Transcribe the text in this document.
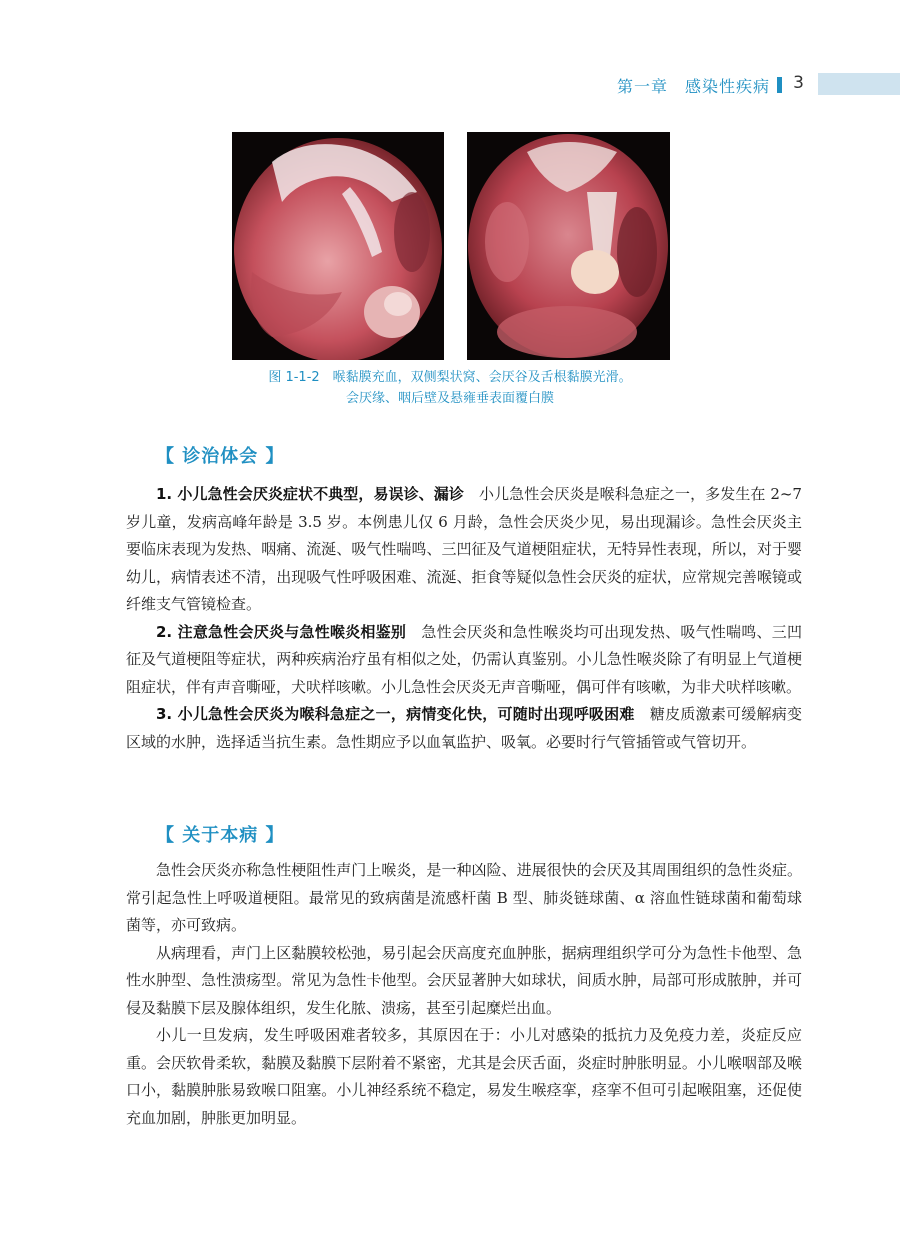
第一章　感染性疾病 3
图 1-1-2　喉黏膜充血，双侧梨状窝、会厌谷及舌根黏膜光滑。
会厌缘、咽后壁及悬雍垂表面覆白膜
【 诊治体会 】

1. 小儿急性会厌炎症状不典型，易误诊、漏诊　小儿急性会厌炎是喉科急症之一，多发生在 2~7 岁儿童，发病高峰年龄是 3.5 岁。本例患儿仅 6 月龄，急性会厌炎少见，易出现漏诊。急性会厌炎主要临床表现为发热、咽痛、流涎、吸气性喘鸣、三凹征及气道梗阻症状，无特异性表现，所以，对于婴幼儿，病情表述不清，出现吸气性呼吸困难、流涎、拒食等疑似急性会厌炎的症状，应常规完善喉镜或纤维支气管镜检查。

2. 注意急性会厌炎与急性喉炎相鉴别　急性会厌炎和急性喉炎均可出现发热、吸气性喘鸣、三凹征及气道梗阻等症状，两种疾病治疗虽有相似之处，仍需认真鉴别。小儿急性喉炎除了有明显上气道梗阻症状，伴有声音嘶哑，犬吠样咳嗽。小儿急性会厌炎无声音嘶哑，偶可伴有咳嗽，为非犬吠样咳嗽。

3. 小儿急性会厌炎为喉科急症之一，病情变化快，可随时出现呼吸困难　糖皮质激素可缓解病变区域的水肿，选择适当抗生素。急性期应予以血氧监护、吸氧。必要时行气管插管或气管切开。

【 关于本病 】

急性会厌炎亦称急性梗阻性声门上喉炎，是一种凶险、进展很快的会厌及其周围组织的急性炎症。常引起急性上呼吸道梗阻。最常见的致病菌是流感杆菌 B 型、肺炎链球菌、α 溶血性链球菌和葡萄球菌等，亦可致病。

从病理看，声门上区黏膜较松弛，易引起会厌高度充血肿胀，据病理组织学可分为急性卡他型、急性水肿型、急性溃疡型。常见为急性卡他型。会厌显著肿大如球状，间质水肿，局部可形成脓肿，并可侵及黏膜下层及腺体组织，发生化脓、溃疡，甚至引起糜烂出血。

小儿一旦发病，发生呼吸困难者较多，其原因在于：小儿对感染的抵抗力及免疫力差，炎症反应重。会厌软骨柔软，黏膜及黏膜下层附着不紧密，尤其是会厌舌面，炎症时肿胀明显。小儿喉咽部及喉口小，黏膜肿胀易致喉口阻塞。小儿神经系统不稳定，易发生喉痉挛，痉挛不但可引起喉阻塞，还促使充血加剧，肿胀更加明显。
